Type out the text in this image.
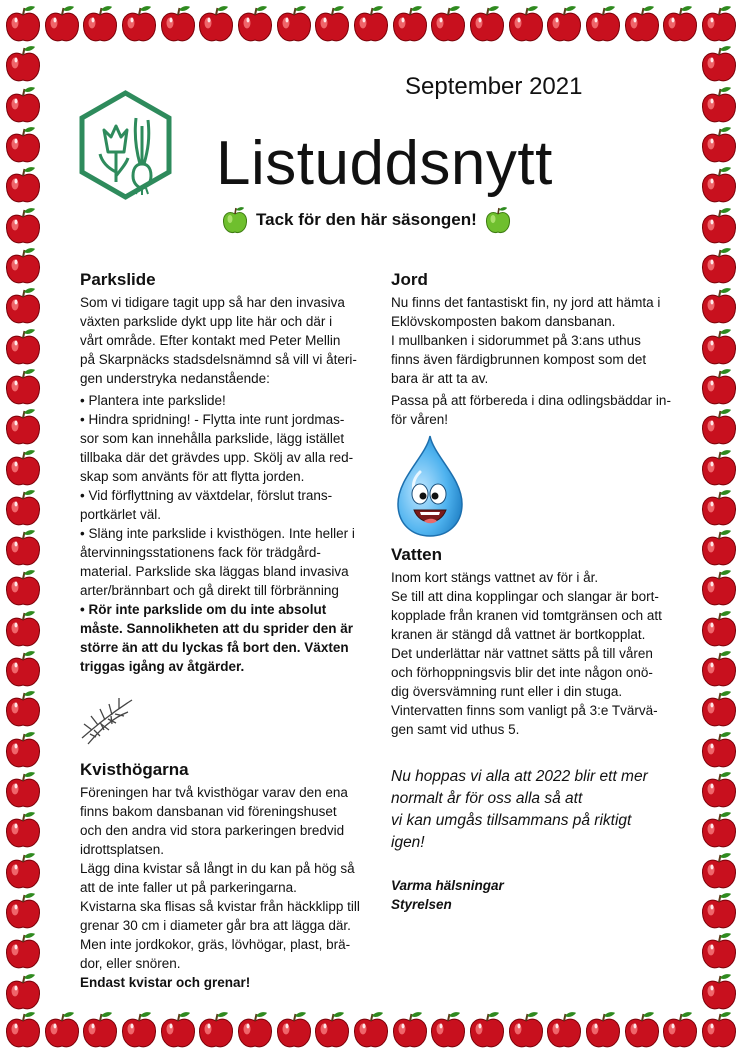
September 2021
Listuddsnytt
Tack för den här säsongen!
Parkslide

Som vi tidigare tagit upp så har den invasiva

växten parkslide dykt upp lite här och där i

vårt område. Efter kontakt med Peter Mellin

på Skarpnäcks stadsdelsnämnd så vill vi återi-

gen understryka nedanstående:

• Plantera inte parkslide!

• Hindra spridning! - Flytta inte runt jordmas-

sor som kan innehålla parkslide, lägg istället

tillbaka där det grävdes upp. Skölj av alla red-

skap som använts för att flytta jorden.

• Vid förflyttning av växtdelar, förslut trans-

portkärlet väl.

• Släng inte parkslide i kvisthögen. Inte heller i

återvinningsstationens fack för trädgård-

material. Parkslide ska läggas bland invasiva

arter/brännbart och gå direkt till förbränning

• Rör inte parkslide om du inte absolut

måste. Sannolikheten att du sprider den är

större än att du lyckas få bort den. Växten

triggas igång av åtgärder.

Kvisthögarna

Föreningen har två kvisthögar varav den ena

finns bakom dansbanan vid föreningshuset

och den andra vid stora parkeringen bredvid

idrottsplatsen.

Lägg dina kvistar så långt in du kan på hög så

att de inte faller ut på parkeringarna.

Kvistarna ska flisas så kvistar från häckklipp till

grenar 30 cm i diameter går bra att lägga där.

Men inte jordkokor, gräs, lövhögar, plast, brä-

dor, eller snören.

Endast kvistar och grenar!

Jord

Nu finns det fantastiskt fin, ny jord att hämta i

Eklövskomposten bakom dansbanan.

I mullbanken i sidorummet på 3:ans uthus

finns även färdigbrunnen kompost som det

bara är att ta av.

Passa på att förbereda i dina odlingsbäddar in-

för våren!

Vatten

Inom kort stängs vattnet av för i år.

Se till att dina kopplingar och slangar är bort-

kopplade från kranen vid tomtgränsen och att

kranen är stängd då vattnet är bortkopplat.

Det underlättar när vattnet sätts på till våren

och förhoppningsvis blir det inte någon onö-

dig översvämning runt eller i din stuga.

Vintervatten finns som vanligt på 3:e Tvärvä-

gen samt vid uthus 5.

Nu hoppas vi alla att 2022 blir ett mer

normalt år för oss alla så att

vi kan umgås tillsammans på riktigt

igen!

Varma hälsningar

Styrelsen
